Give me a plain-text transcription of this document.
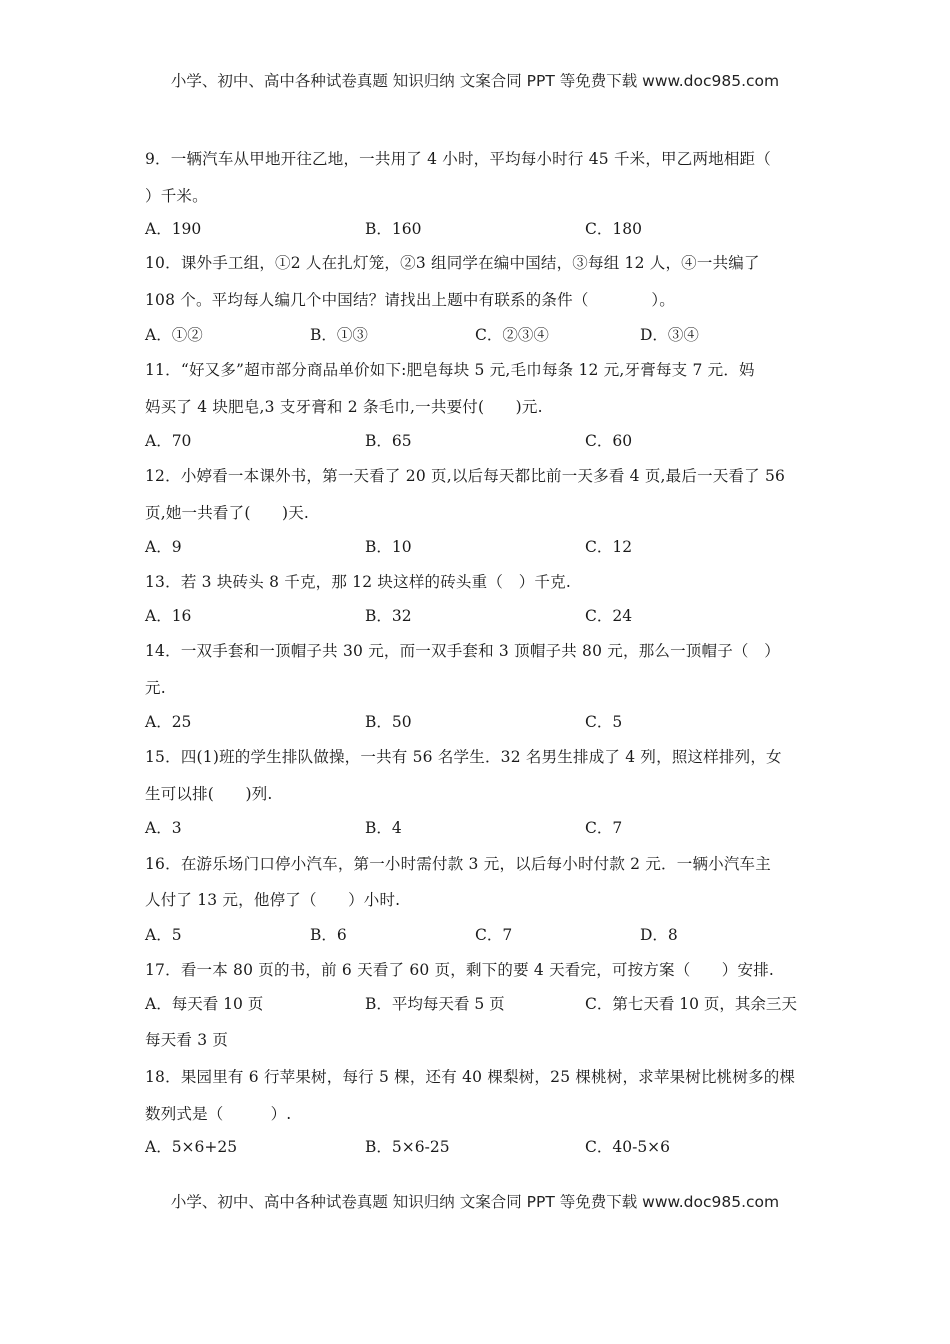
小学、初中、高中各种试卷真题 知识归纳 文案合同 PPT 等免费下载 www.doc985.com
9．一辆汽车从甲地开往乙地，一共用了 4 小时，平均每小时行 45 千米，甲乙两地相距（
）千米。
A．190	B．160	C．180
10．课外手工组，①2 人在扎灯笼，②3 组同学在编中国结，③每组 12 人，④一共编了
108 个。平均每人编几个中国结？请找出上题中有联系的条件（　　　　）。
A．①②	B．①③	C．②③④	D．③④
11．“好又多”超市部分商品单价如下:肥皂每块 5 元,毛巾每条 12 元,牙膏每支 7 元．妈
妈买了 4 块肥皂,3 支牙膏和 2 条毛巾,一共要付(　　)元.
A．70	B．65	C．60
12．小婷看一本课外书，第一天看了 20 页,以后每天都比前一天多看 4 页,最后一天看了 56
页,她一共看了(　　)天.
A．9	B．10	C．12
13．若 3 块砖头 8 千克，那 12 块这样的砖头重（　）千克.
A．16	B．32	C．24
14．一双手套和一顶帽子共 30 元，而一双手套和 3 顶帽子共 80 元，那么一顶帽子（　）
元.
A．25	B．50	C．5
15．四(1)班的学生排队做操，一共有 56 名学生．32 名男生排成了 4 列，照这样排列，女
生可以排(　　)列.
A．3	B．4	C．7
16．在游乐场门口停小汽车，第一小时需付款 3 元，以后每小时付款 2 元．一辆小汽车主
人付了 13 元，他停了（　　）小时.
A．5	B．6	C．7	D．8
17．看一本 80 页的书，前 6 天看了 60 页，剩下的要 4 天看完，可按方案（　　）安排.
A．每天看 10 页	B．平均每天看 5 页	C．第七天看 10 页，其余三天
每天看 3 页
18．果园里有 6 行苹果树，每行 5 棵，还有 40 棵梨树，25 棵桃树，求苹果树比桃树多的棵
数列式是（　　　）.
A．5×6+25	B．5×6-25	C．40-5×6
小学、初中、高中各种试卷真题 知识归纳 文案合同 PPT 等免费下载 www.doc985.com
